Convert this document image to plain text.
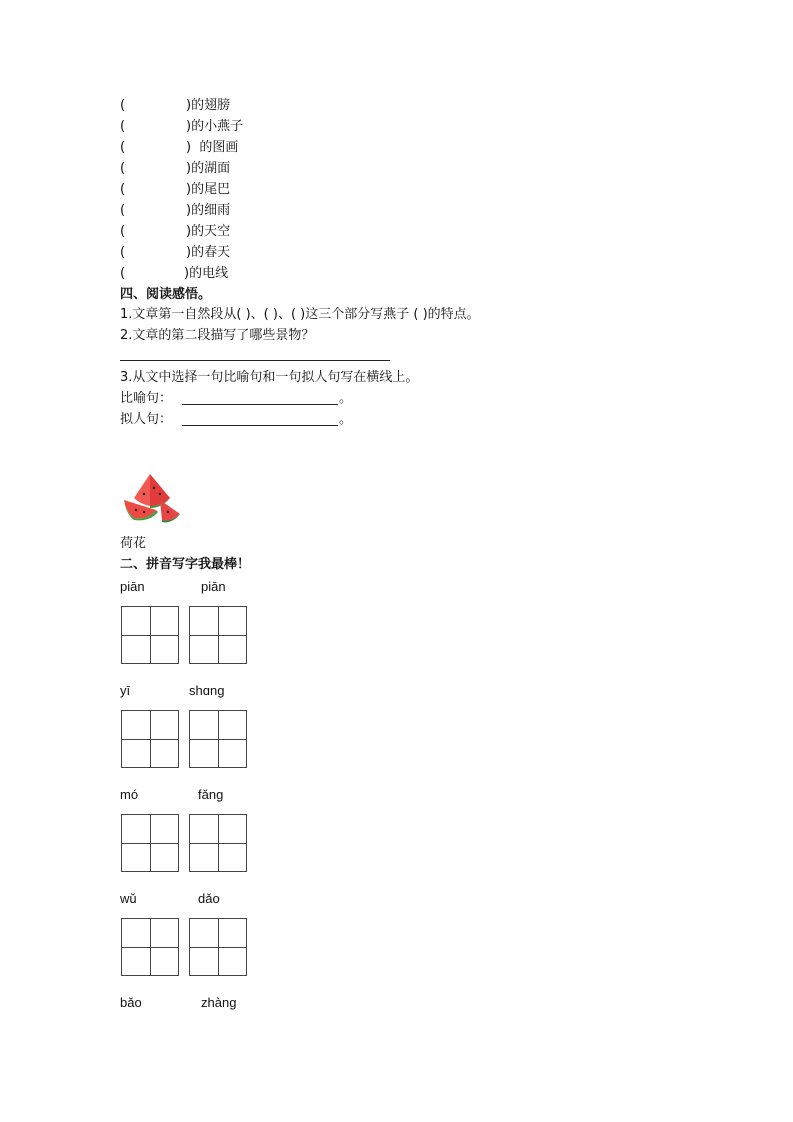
(	)的翅膀
(	)的小燕子
(	)  的图画
(	)的湖面
(	)的尾巴
(	)的细雨
(	)的天空
(	)的春天
(	)的电线
四、阅读感悟。
1.文章第一自然段从( )、( )、( )这三个部分写燕子 ( )的特点。
2.文章的第二段描写了哪些景物？
3.从文中选择一句比喻句和一句拟人句写在横线上。
比喻句：	。
拟人句：	。
荷花
二、拼音写字我最棒！
piān	piān
yī	shɑng
mó	fǎng
wǔ	dǎo
bǎo	zhàng
